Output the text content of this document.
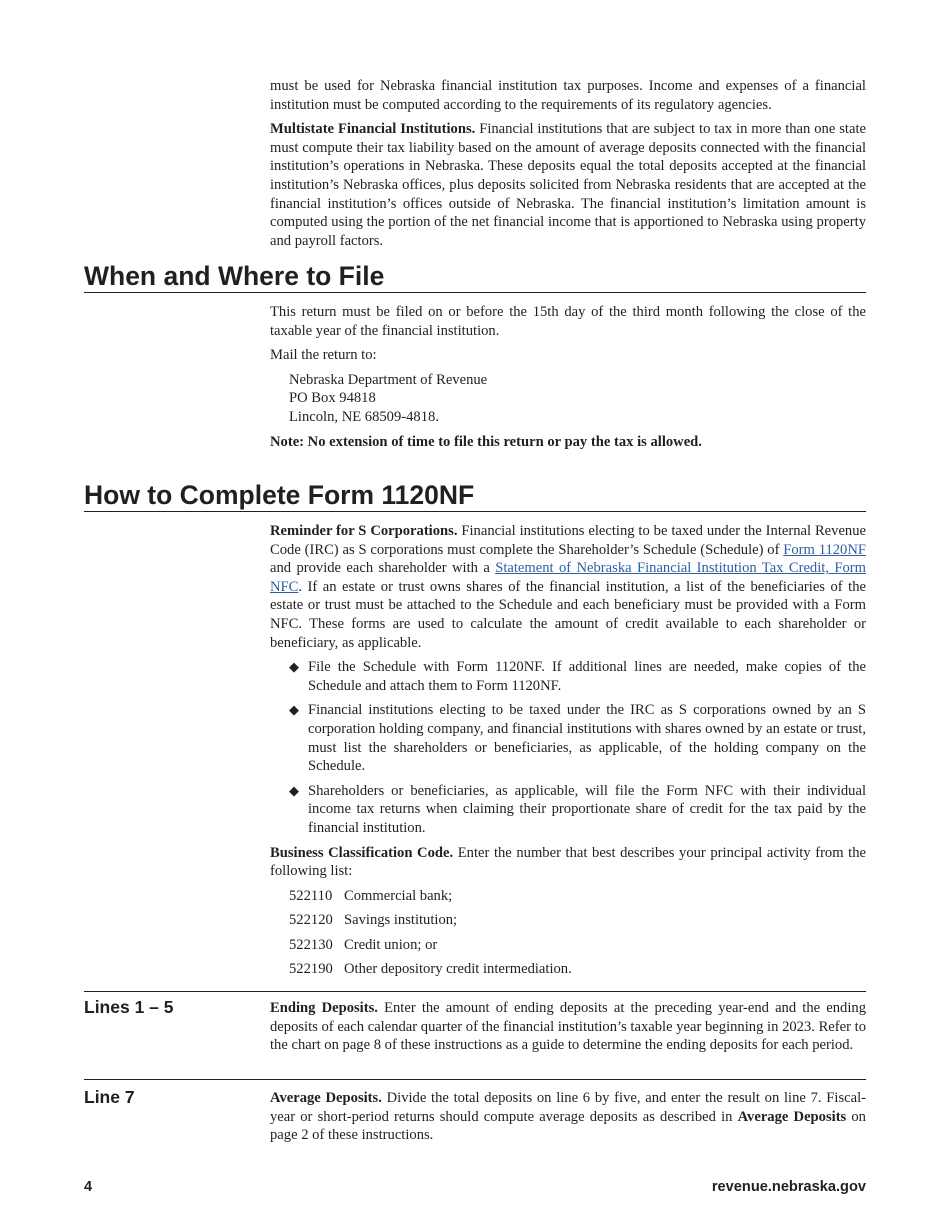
must be used for Nebraska financial institution tax purposes. Income and expenses of a financial institution must be computed according to the requirements of its regulatory agencies.

Multistate Financial Institutions. Financial institutions that are subject to tax in more than one state must compute their tax liability based on the amount of average deposits connected with the financial institution’s operations in Nebraska. These deposits equal the total deposits accepted at the financial institution’s Nebraska offices, plus deposits solicited from Nebraska residents that are accepted at the financial institution’s offices outside of Nebraska. The financial institution’s limitation amount is computed using the portion of the net financial income that is apportioned to Nebraska using property and payroll factors.

When and Where to File

This return must be filed on or before the 15th day of the third month following the close of the taxable year of the financial institution.

Mail the return to:

Nebraska Department of Revenue
PO Box 94818
Lincoln, NE 68509-4818.

Note: No extension of time to file this return or pay the tax is allowed.

How to Complete Form 1120NF

Reminder for S Corporations. Financial institutions electing to be taxed under the Internal Revenue Code (IRC) as S corporations must complete the Shareholder’s Schedule (Schedule) of Form 1120NF and provide each shareholder with a Statement of Nebraska Financial Institution Tax Credit, Form NFC. If an estate or trust owns shares of the financial institution, a list of the beneficiaries of the estate or trust must be attached to the Schedule and each beneficiary must be provided with a Form NFC. These forms are used to calculate the amount of credit available to each shareholder or beneficiary, as applicable.

◆ File the Schedule with Form 1120NF. If additional lines are needed, make copies of the Schedule and attach them to Form 1120NF.

◆ Financial institutions electing to be taxed under the IRC as S corporations owned by an S corporation holding company, and financial institutions with shares owned by an estate or trust, must list the shareholders or beneficiaries, as applicable, of the holding company on the Schedule.

◆ Shareholders or beneficiaries, as applicable, will file the Form NFC with their individual income tax returns when claiming their proportionate share of credit for the tax paid by the financial institution.

Business Classification Code. Enter the number that best describes your principal activity from the following list:

522110 Commercial bank;
522120 Savings institution;
522130 Credit union; or
522190 Other depository credit intermediation.
Lines 1 – 5	Ending Deposits. Enter the amount of ending deposits at the preceding year-end and the ending deposits of each calendar quarter of the financial institution’s taxable year beginning in 2023. Refer to the chart on page 8 of these instructions as a guide to determine the ending deposits for each period.

Line 7	Average Deposits. Divide the total deposits on line 6 by five, and enter the result on line 7. Fiscal-year or short-period returns should compute average deposits as described in Average Deposits on page 2 of these instructions.

4	revenue.nebraska.gov
